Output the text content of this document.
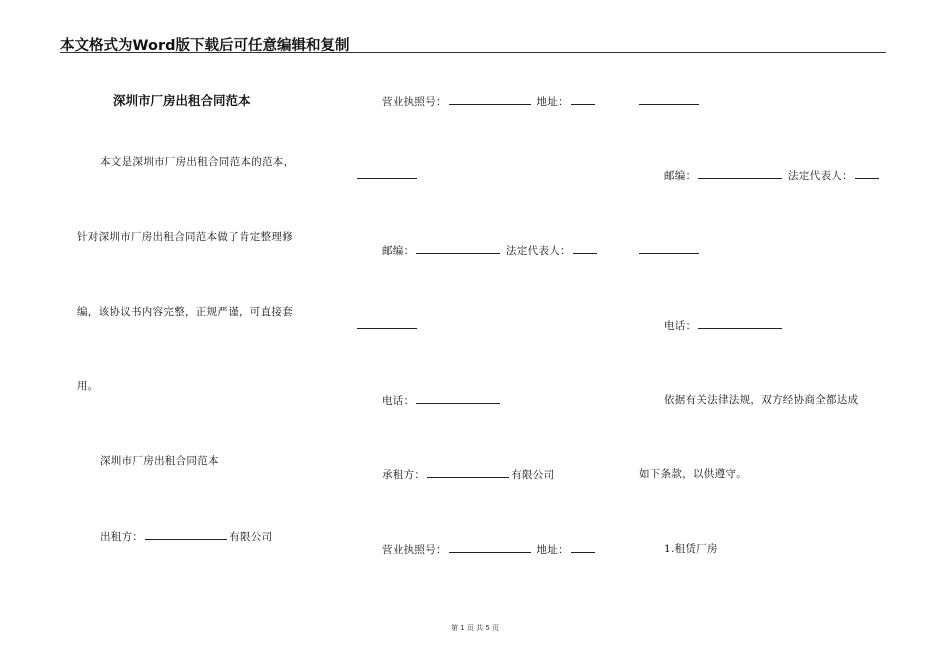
本文格式为Word版下载后可任意编辑和复制
深圳市厂房出租合同范本
本文是深圳市厂房出租合同范本的范本，
针对深圳市厂房出租合同范本做了肯定整理修
编，该协议书内容完整，正规严谨，可直接套
用。
深圳市厂房出租合同范本
出租方：	有限公司
营业执照号：	地址：
邮编：	法定代表人：
电话：
承租方：	有限公司
营业执照号：	地址：
邮编：	法定代表人：
电话：
依据有关法律法规，双方经协商全都达成
如下条款，以供遵守。
1.租赁厂房
第 1 页 共 5 页
